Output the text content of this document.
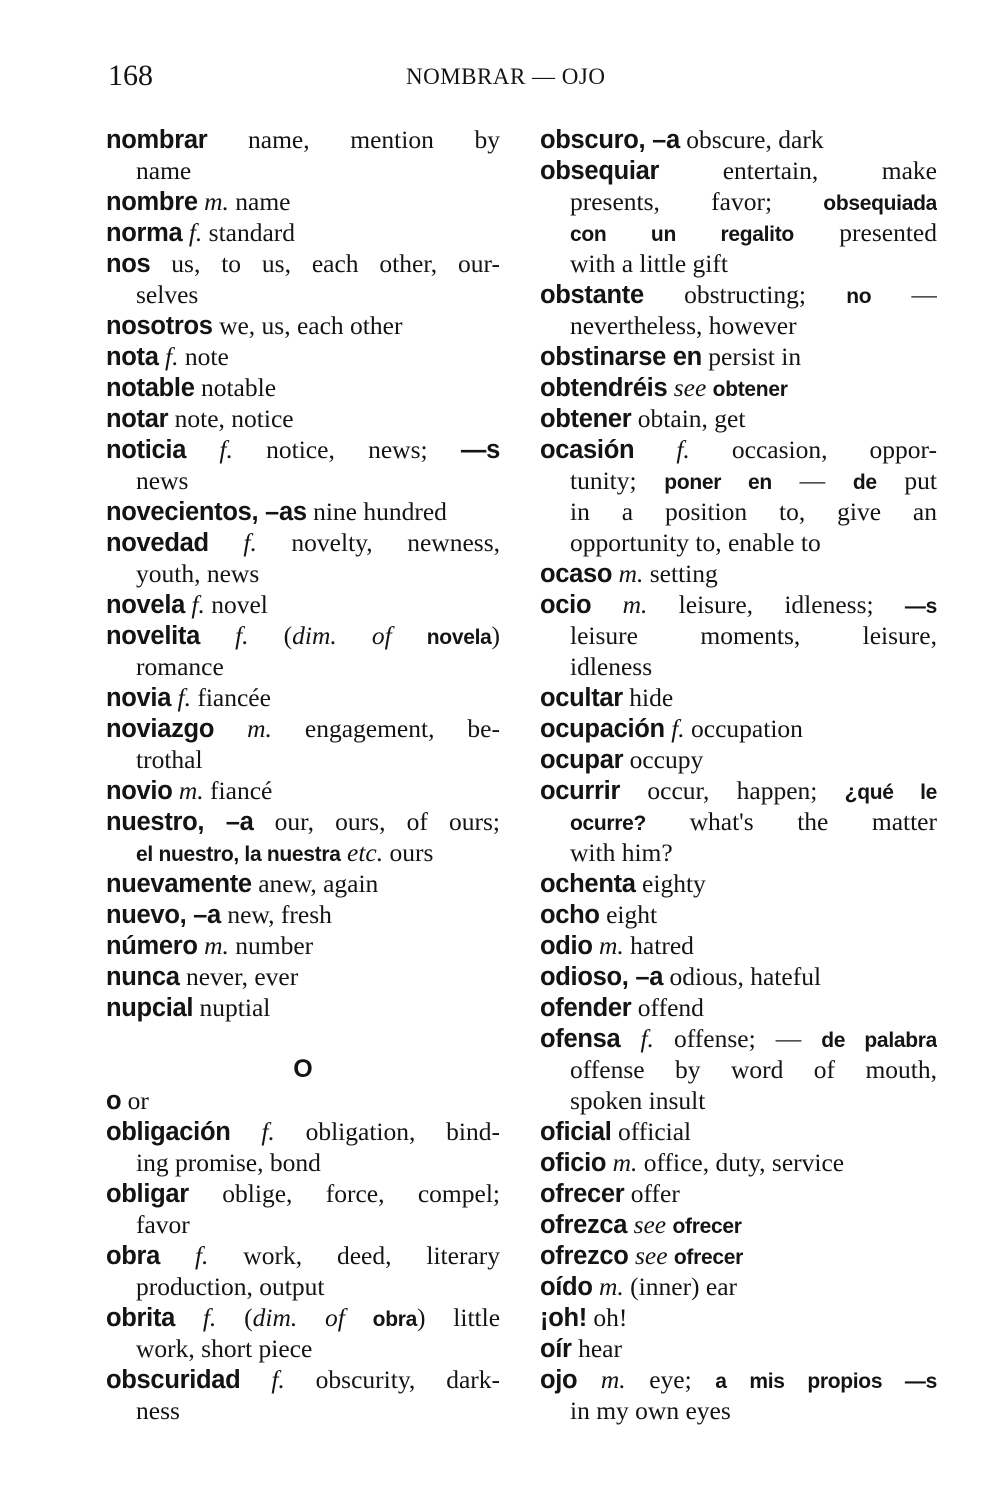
168	NOMBRAR — OJO
nombrar name, mention by
name
nombre m. name
norma f. standard
nos us, to us, each other, our-
selves
nosotros we, us, each other
nota f. note
notable notable
notar note, notice
noticia f. notice, news; —s
news
novecientos, –as nine hundred
novedad f. novelty, newness,
youth, news
novela f. novel
novelita f. (dim. of novela)
romance
novia f. fiancée
noviazgo m. engagement, be-
trothal
novio m. fiancé
nuestro, –a our, ours, of ours;
el nuestro, la nuestra etc. ours
nuevamente anew, again
nuevo, –a new, fresh
número m. number
nunca never, ever
nupcial nuptial
O
o or
obligación f. obligation, bind-
ing promise, bond
obligar oblige, force, compel;
favor
obra f. work, deed, literary
production, output
obrita f. (dim. of obra) little
work, short piece
obscuridad f. obscurity, dark-
ness
obscuro, –a obscure, dark
obsequiar entertain, make
presents, favor; obsequiada
con un regalito presented
with a little gift
obstante obstructing; no —
nevertheless, however
obstinarse en persist in
obtendréis see obtener
obtener obtain, get
ocasión f. occasion, oppor-
tunity; poner en — de put
in a position to, give an
opportunity to, enable to
ocaso m. setting
ocio m. leisure, idleness; —s
leisure moments, leisure,
idleness
ocultar hide
ocupación f. occupation
ocupar occupy
ocurrir occur, happen; ¿qué le
ocurre? what's the matter
with him?
ochenta eighty
ocho eight
odio m. hatred
odioso, –a odious, hateful
ofender offend
ofensa f. offense; — de palabra
offense by word of mouth,
spoken insult
oficial official
oficio m. office, duty, service
ofrecer offer
ofrezca see ofrecer
ofrezco see ofrecer
oído m. (inner) ear
¡oh! oh!
oír hear
ojo m. eye; a mis propios —s
in my own eyes
